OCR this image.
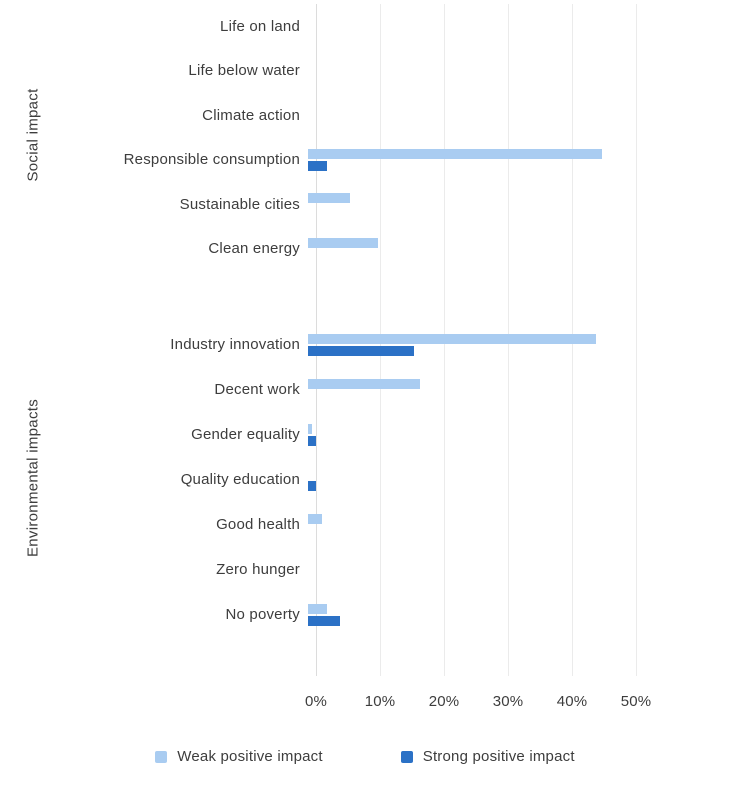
Social impact
Environmental impacts
Life on land
Life below water
Climate action
Responsible consumption
Sustainable cities
Clean energy
Industry innovation
Decent work
Gender equality
Quality education
Good health
Zero hunger
No poverty
0%	10% 20% 30% 40% 50%
Weak positive impact	Strong positive impact
